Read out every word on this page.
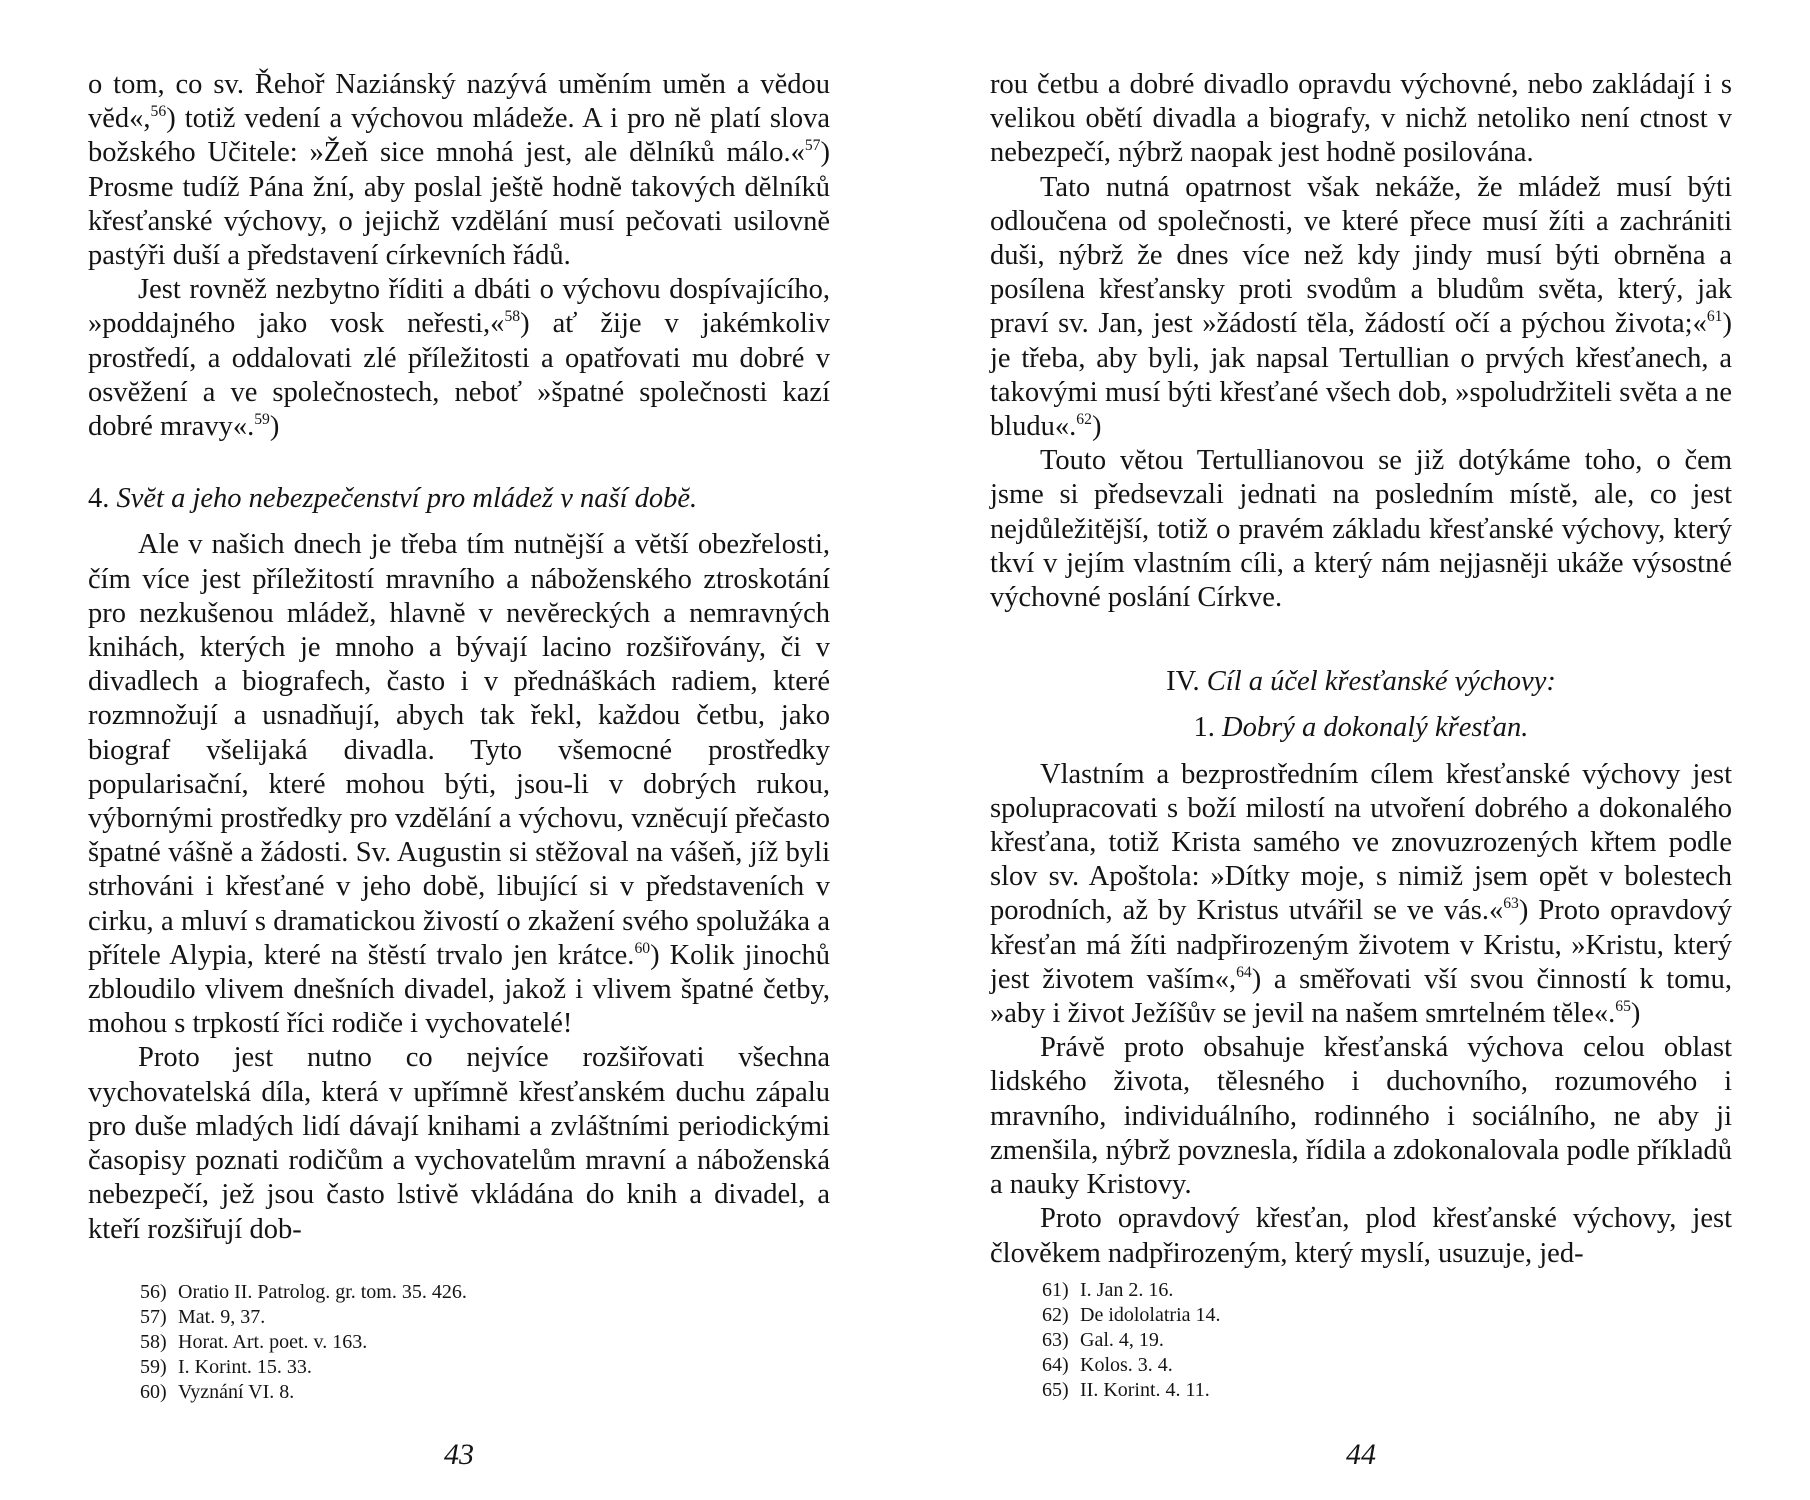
o tom, co sv. Řehoř Naziánský nazývá uměním umĕn a vĕdou vĕd«,$^{56}$) totiž vedení a výchovou mládeže. A i pro nĕ platí slova božského Učitele: »Žeň sice mnohá jest, ale dĕlníků málo.«$^{57}$) Prosme tudíž Pána žní, aby poslal ještĕ hodnĕ takových dĕlníků křesťanské výchovy, o jejichž vzdĕlání musí pečovati usilovnĕ pastýři duší a představení církevních řádů.

Jest rovnĕž nezbytno říditi a dbáti o výchovu dospívajícího, »poddajného jako vosk neřesti,«$^{58}$) ať žije v jakémkoliv prostředí, a oddalovati zlé příležitosti a opatřovati mu dobré v osvĕžení a ve společnostech, neboť »špatné společnosti kazí dobré mravy«.$^{59}$)

4. Svĕt a jeho nebezpečenství pro mládež v naší dobĕ.

Ale v našich dnech je třeba tím nutnĕjší a vĕtší obezřelosti, čím více jest příležitostí mravního a náboženského ztroskotání pro nezkušenou mládež, hlavnĕ v nevĕreckých a nemravných knihách, kterých je mnoho a bývají lacino rozšiřovány, či v divadlech a biografech, často i v přednáškách radiem, které rozmnožují a usnadňují, abych tak řekl, každou četbu, jako biograf všelijaká divadla. Tyto všemocné prostředky popularisační, které mohou býti, jsou-li v dobrých rukou, výbornými prostředky pro vzdĕlání a výchovu, vznĕcují přečasto špatné vášnĕ a žádosti. Sv. Augustin si stĕžoval na vášeň, jíž byli strhováni i křesťané v jeho dobĕ, libující si v představeních v cirku, a mluví s dramatickou živostí o zkažení svého spolužáka a přítele Alypia, které na štĕstí trvalo jen krátce.$^{60}$) Kolik jinochů zbloudilo vlivem dnešních divadel, jakož i vlivem špatné četby, mohou s trpkostí říci rodiče i vychovatelé!

Proto jest nutno co nejvíce rozšiřovati všechna vychovatelská díla, která v upřímnĕ křesťanském duchu zápalu pro duše mladých lidí dávají knihami a zvláštními periodickými časopisy poznati rodičům a vychovatelům mravní a náboženská nebezpečí, jež jsou často lstivĕ vkládána do knih a divadel, a kteří rozšiřují dob-

56) Oratio II. Patrolog. gr. tom. 35. 426.
57) Mat. 9, 37.
58) Horat. Art. poet. v. 163.
59) I. Korint. 15. 33.
60) Vyznání VI. 8.
43

rou četbu a dobré divadlo opravdu výchovné, nebo zakládají i s velikou obĕtí divadla a biografy, v nichž netoliko není ctnost v nebezpečí, nýbrž naopak jest hodnĕ posilována.

Tato nutná opatrnost však nekáže, že mládež musí býti odloučena od společnosti, ve které přece musí žíti a zachrániti duši, nýbrž že dnes více než kdy jindy musí býti obrnĕna a posílena křesťansky proti svodům a bludům svĕta, který, jak praví sv. Jan, jest »žádostí tĕla, žádostí očí a pýchou života;«$^{61}$) je třeba, aby byli, jak napsal Tertullian o prvých křesťanech, a takovými musí býti křesťané všech dob, »spoludržiteli svĕta a ne bludu«.$^{62}$)

Touto vĕtou Tertullianovou se již dotýkáme toho, o čem jsme si předsevzali jednati na posledním místĕ, ale, co jest nejdůležitĕjší, totiž o pravém základu křesťanské výchovy, který tkví v jejím vlastním cíli, a který nám nejjasnĕji ukáže výsostné výchovné poslání Církve.

IV. Cíl a účel křesťanské výchovy:

1. Dobrý a dokonalý křesťan.

Vlastním a bezprostředním cílem křesťanské výchovy jest spolupracovati s boží milostí na utvoření dobrého a dokonalého křesťana, totiž Krista samého ve znovuzrozených křtem podle slov sv. Apoštola: »Dítky moje, s nimiž jsem opĕt v bolestech porodních, až by Kristus utvářil se ve vás.«$^{63}$) Proto opravdový křesťan má žíti nadpřirozeným životem v Kristu, »Kristu, který jest životem vaším«,$^{64}$) a smĕřovati vší svou činností k tomu, »aby i život Ježíšův se jevil na našem smrtelném tĕle«.$^{65}$)

Právĕ proto obsahuje křesťanská výchova celou oblast lidského života, tĕlesného i duchovního, rozumového i mravního, individuálního, rodinného i sociálního, ne aby ji zmenšila, nýbrž povznesla, řídila a zdokonalovala podle příkladů a nauky Kristovy.

Proto opravdový křesťan, plod křesťanské výchovy, jest člověkem nadpřirozeným, který myslí, usuzuje, jed-

61) I. Jan 2. 16.
62) De idololatria 14.
63) Gal. 4, 19.
64) Kolos. 3. 4.
65) II. Korint. 4. 11.
44
